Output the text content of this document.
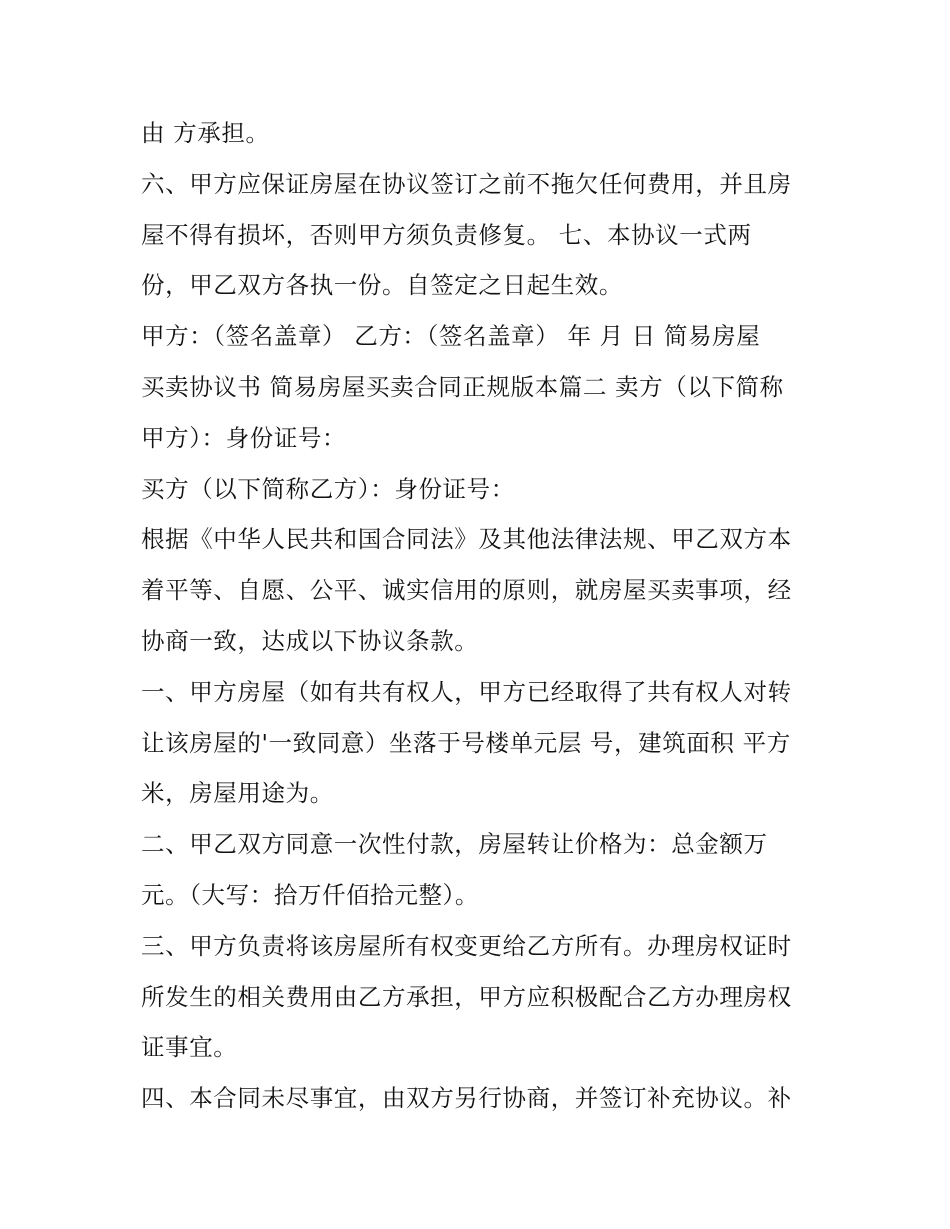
由 方承担。
六、甲方应保证房屋在协议签订之前不拖欠任何费用，并且房
屋不得有损坏，否则甲方须负责修复。 七、本协议一式两
份，甲乙双方各执一份。自签定之日起生效。
甲方：（签名盖章） 乙方：（签名盖章） 年 月 日 简易房屋
买卖协议书 简易房屋买卖合同正规版本篇二 卖方（以下简称
甲方）：身份证号：
买方（以下简称乙方）：身份证号：
根据《中华人民共和国合同法》及其他法律法规、甲乙双方本
着平等、自愿、公平、诚实信用的原则，就房屋买卖事项，经
协商一致，达成以下协议条款。
一、甲方房屋（如有共有权人，甲方已经取得了共有权人对转
让该房屋的'一致同意）坐落于号楼单元层 号，建筑面积 平方
米，房屋用途为。
二、甲乙双方同意一次性付款，房屋转让价格为：总金额万
元。（大写：拾万仟佰拾元整）。
三、甲方负责将该房屋所有权变更给乙方所有。办理房权证时
所发生的相关费用由乙方承担，甲方应积极配合乙方办理房权
证事宜。
四、本合同未尽事宜，由双方另行协商，并签订补充协议。补
